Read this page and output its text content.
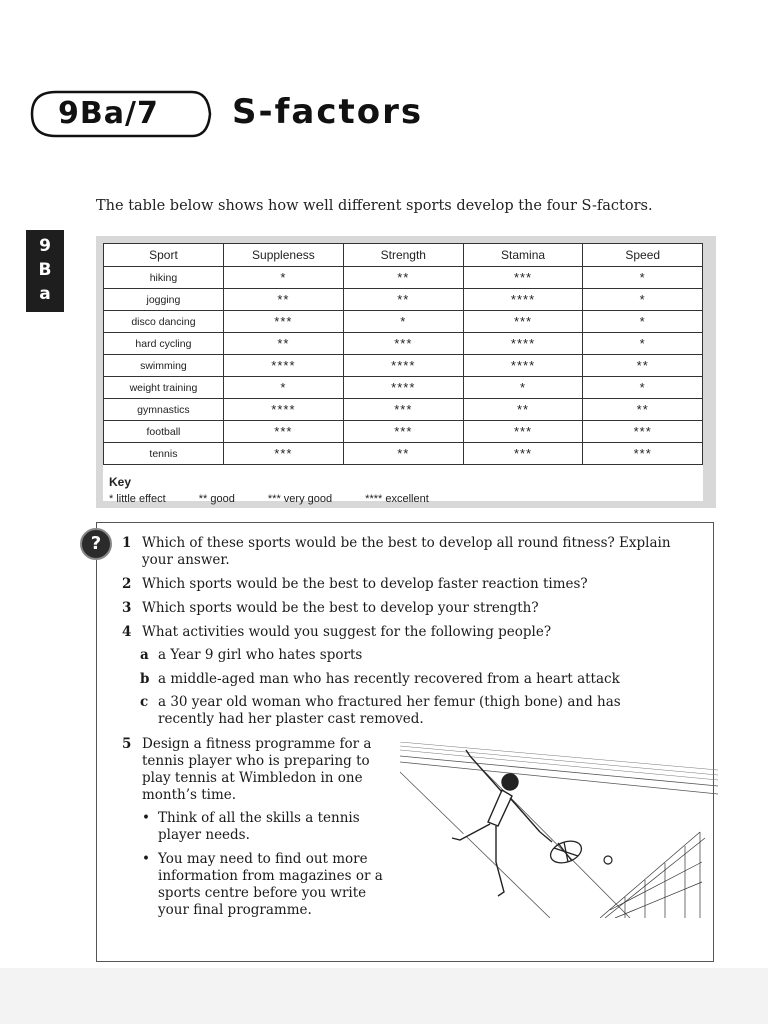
9Ba/7	S-factors
9
B
a
The table below shows how well different sports develop the four S-factors.
Sport	Suppleness	Strength	Stamina	Speed
hiking	*	**	***	*
jogging	**	**	****	*
disco dancing	***	*	***	*
hard cycling	**	***	****	*
swimming	****	****	****	**
weight training	*	****	*	*
gymnastics	****	***	**	**
football	***	***	***	***
tennis	***	**	***	***
Key
* little effect	** good	*** very good	**** excellent
?	1 Which of these sports would be the best to develop all round fitness? Explain
your answer.
2 Which sports would be the best to develop faster reaction times?
3 Which sports would be the best to develop your strength?
4 What activities would you suggest for the following people?
a a Year 9 girl who hates sports
b a middle-aged man who has recently recovered from a heart attack
c a 30 year old woman who fractured her femur (thigh bone) and has
recently had her plaster cast removed.
5 Design a fitness programme for a
tennis player who is preparing to
play tennis at Wimbledon in one
month’s time.
• Think of all the skills a tennis
player needs.
• You may need to find out more
information from magazines or a
sports centre before you write
your final programme.
